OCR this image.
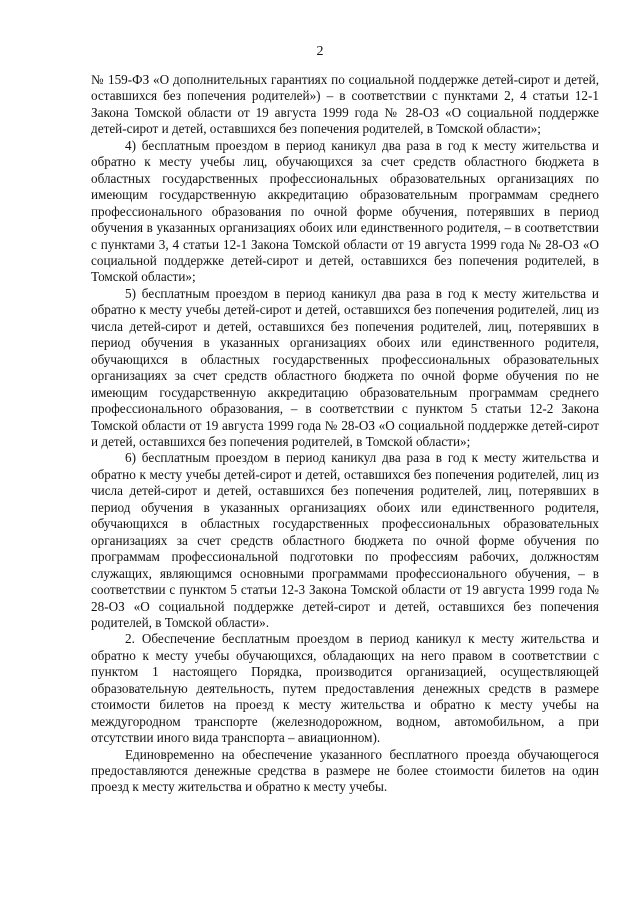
2

№ 159-ФЗ «О дополнительных гарантиях по социальной поддержке детей-сирот и детей, оставшихся без попечения родителей») – в соответствии с пунктами 2, 4 статьи 12-1 Закона Томской области от 19 августа 1999 года № 28-ОЗ «О социальной поддержке детей-сирот и детей, оставшихся без попечения родителей, в Томской области»;

4) бесплатным проездом в период каникул два раза в год к месту жительства и обратно к месту учебы лиц, обучающихся за счет средств областного бюджета в областных государственных профессиональных образовательных организациях по имеющим государственную аккредитацию образовательным программам среднего профессионального образования по очной форме обучения, потерявших в период обучения в указанных организациях обоих или единственного родителя, – в соответствии с пунктами 3, 4 статьи 12-1 Закона Томской области от 19 августа 1999 года № 28-ОЗ «О социальной поддержке детей-сирот и детей, оставшихся без попечения родителей, в Томской области»;

5) бесплатным проездом в период каникул два раза в год к месту жительства и обратно к месту учебы детей-сирот и детей, оставшихся без попечения родителей, лиц из числа детей-сирот и детей, оставшихся без попечения родителей, лиц, потерявших в период обучения в указанных организациях обоих или единственного родителя, обучающихся в областных государственных профессиональных образовательных организациях за счет средств областного бюджета по очной форме обучения по не имеющим государственную аккредитацию образовательным программам среднего профессионального образования, – в соответствии с пунктом 5 статьи 12-2 Закона Томской области от 19 августа 1999 года № 28-ОЗ «О социальной поддержке детей-сирот и детей, оставшихся без попечения родителей, в Томской области»;

6) бесплатным проездом в период каникул два раза в год к месту жительства и обратно к месту учебы детей-сирот и детей, оставшихся без попечения родителей, лиц из числа детей-сирот и детей, оставшихся без попечения родителей, лиц, потерявших в период обучения в указанных организациях обоих или единственного родителя, обучающихся в областных государственных профессиональных образовательных организациях за счет средств областного бюджета по очной форме обучения по программам профессиональной подготовки по профессиям рабочих, должностям служащих, являющимся основными программами профессионального обучения, – в соответствии с пунктом 5 статьи 12-3 Закона Томской области от 19 августа 1999 года № 28-ОЗ «О социальной поддержке детей-сирот и детей, оставшихся без попечения родителей, в Томской области».

2. Обеспечение бесплатным проездом в период каникул к месту жительства и обратно к месту учебы обучающихся, обладающих на него правом в соответствии с пунктом 1 настоящего Порядка, производится организацией, осуществляющей образовательную деятельность, путем предоставления денежных средств в размере стоимости билетов на проезд к месту жительства и обратно к месту учебы на междугородном транспорте (железнодорожном, водном, автомобильном, а при отсутствии иного вида транспорта – авиационном).

Единовременно на обеспечение указанного бесплатного проезда обучающегося предоставляются денежные средства в размере не более стоимости билетов на один проезд к месту жительства и обратно к месту учебы.
